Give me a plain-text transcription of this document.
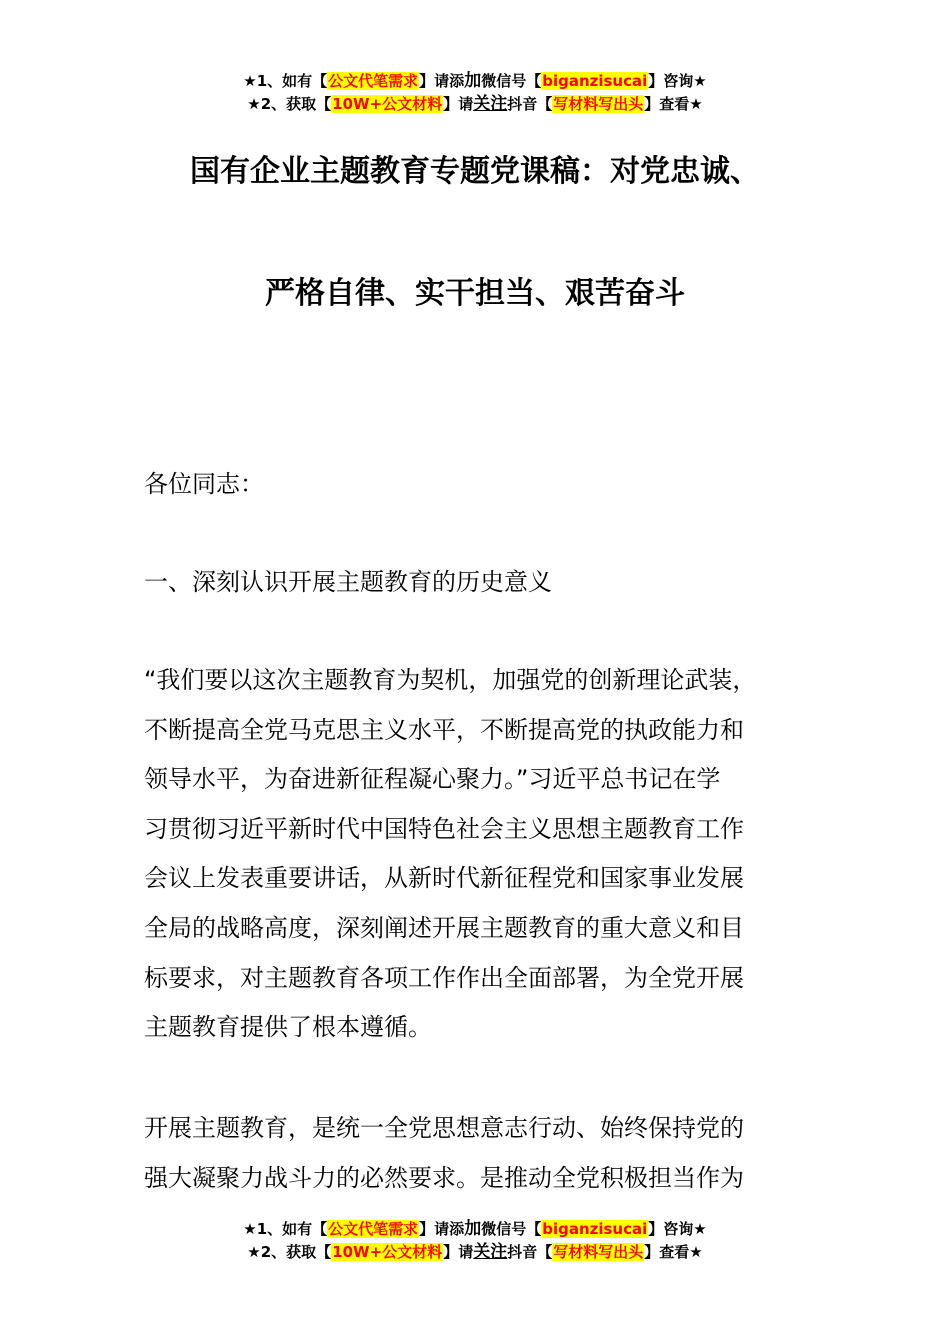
★1、如有【公文代笔需求】请添加微信号【biganzisucai】咨询★
★2、获取【10W+公文材料】请关注抖音【写材料写出头】查看★
国有企业主题教育专题党课稿：对党忠诚、
严格自律、实干担当、艰苦奋斗
各位同志：
一、深刻认识开展主题教育的历史意义
“我们要以这次主题教育为契机，加强党的创新理论武装，
不断提高全党马克思主义水平，不断提高党的执政能力和
领导水平，为奋进新征程凝心聚力。”习近平总书记在学
习贯彻习近平新时代中国特色社会主义思想主题教育工作
会议上发表重要讲话，从新时代新征程党和国家事业发展
全局的战略高度，深刻阐述开展主题教育的重大意义和目
标要求，对主题教育各项工作作出全面部署，为全党开展
主题教育提供了根本遵循。
开展主题教育，是统一全党思想意志行动、始终保持党的
强大凝聚力战斗力的必然要求。是推动全党积极担当作为
★1、如有【公文代笔需求】请添加微信号【biganzisucai】咨询★
★2、获取【10W+公文材料】请关注抖音【写材料写出头】查看★
